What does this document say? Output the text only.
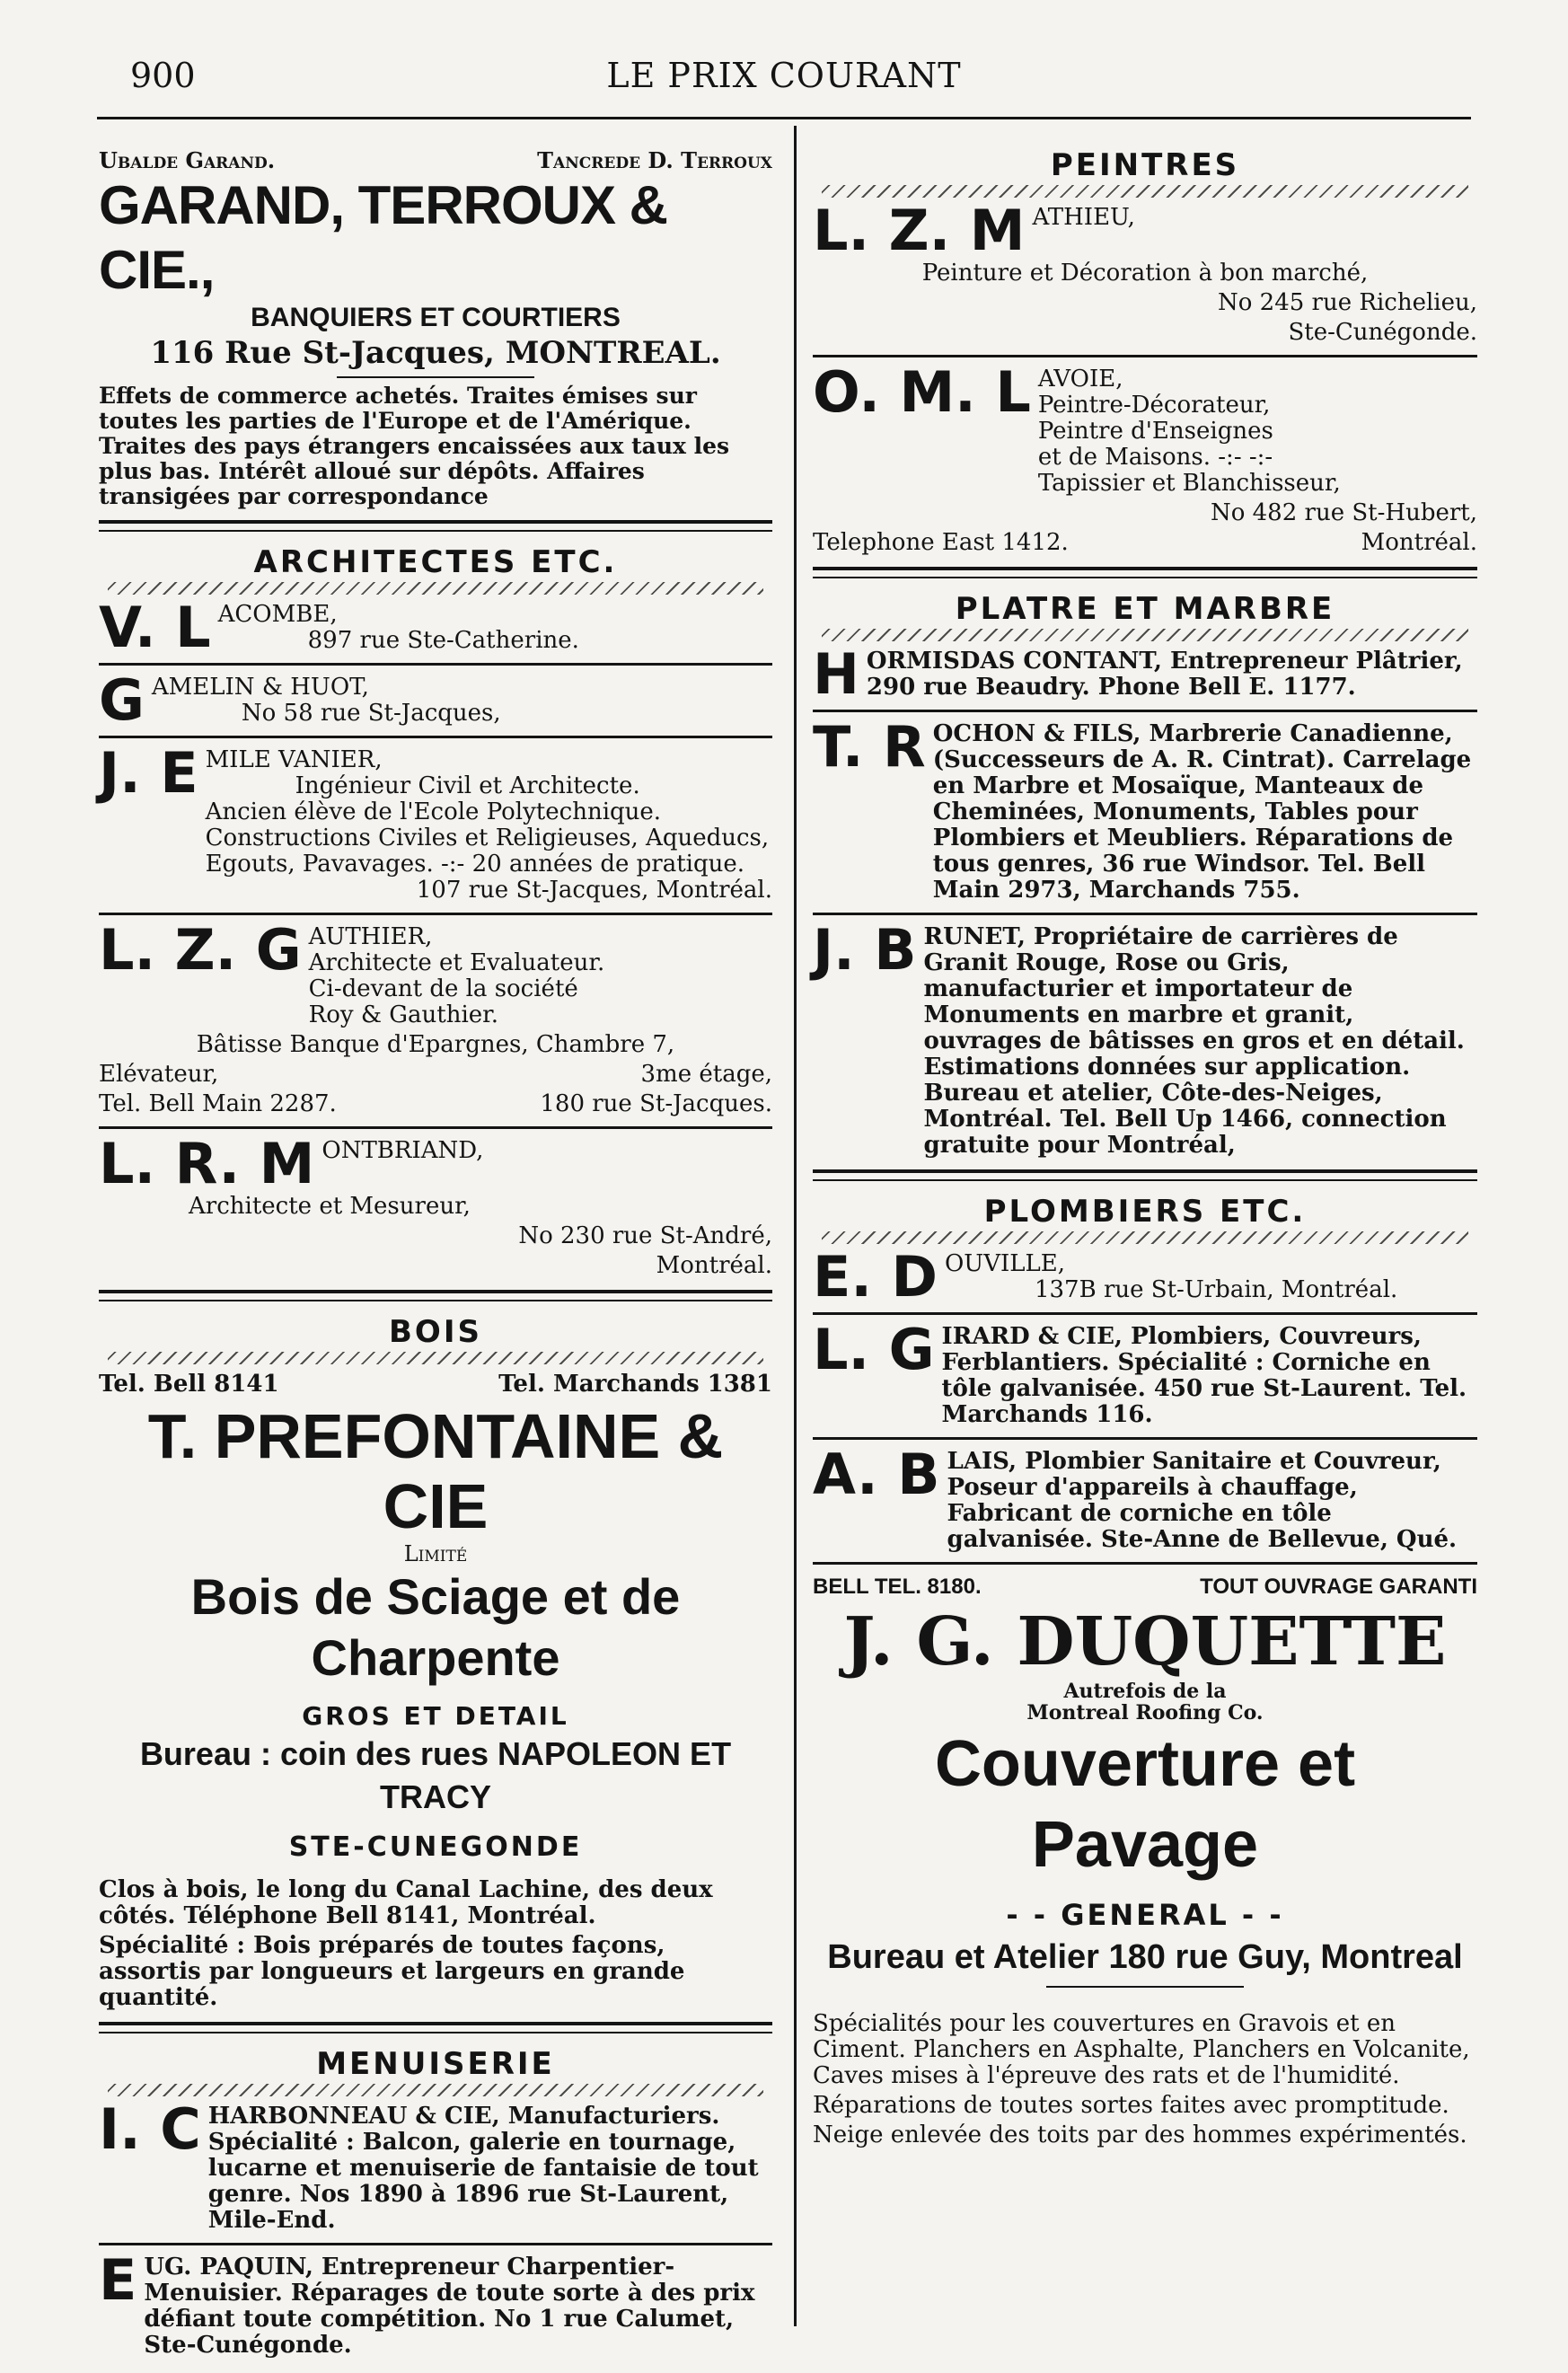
900	LE PRIX COURANT
Ubalde Garand.	Tancrede D. Terroux
GARAND, TERROUX & CIE.,
BANQUIERS ET COURTIERS
116 Rue St-Jacques, MONTREAL.

Effets de commerce achetés. Traites émises sur toutes les parties de l'Europe et de l'Amérique. Traites des pays étrangers encaissées aux taux les plus bas. Intérêt alloué sur dépôts. Affaires transigées par correspondance

ARCHITECTES ETC.
V. L ACOMBE,

897 rue Ste-Catherine.

G AMELIN & HUOT,

No 58 rue St-Jacques,

J. E MILE VANIER,

Ingénieur Civil et Architecte.

Ancien élève de l'Ecole Polytechnique. Constructions Civiles et Religieuses, Aqueducs, Egouts, Pavavages. -:- 20 années de pratique.

107 rue St-Jacques, Montréal.

L. Z. G AUTHIER,

Architecte et Evaluateur.

Ci-devant de la société

Roy & Gauthier.

Bâtisse Banque d'Epargnes, Chambre 7,

Elévateur,	3me étage,
Tel. Bell Main 2287.	180 rue St-Jacques.
L. R. M ONTBRIAND,

Architecte et Mesureur,

No 230 rue St-André,

Montréal.

BOIS
Tel. Bell 8141	Tel. Marchands 1381
T. PREFONTAINE & CIE
Limité
Bois de Sciage et de Charpente
GROS ET DETAIL
Bureau : coin des rues NAPOLEON ET TRACY
STE-CUNEGONDE

Clos à bois, le long du Canal Lachine, des deux côtés. Téléphone Bell 8141, Montréal.

Spécialité : Bois préparés de toutes façons, assortis par longueurs et largeurs en grande quantité.

MENUISERIE
I. C HARBONNEAU & CIE, Manufacturiers. Spécialité : Balcon, galerie en tournage, lucarne et menuiserie de fantaisie de tout genre. Nos 1890 à 1896 rue St-Laurent, Mile-End.

E UG. PAQUIN, Entrepreneur Charpentier-Menuisier. Réparages de toute sorte à des prix défiant toute compétition. No 1 rue Calumet, Ste-Cunégonde.

PEINTRES
L. Z. M ATHIEU,

Peinture et Décoration à bon marché,

No 245 rue Richelieu,

Ste-Cunégonde.

O. M. L AVOIE,

Peintre-Décorateur,

Peintre d'Enseignes

et de Maisons. -:- -:-

Tapissier et Blanchisseur,

No 482 rue St-Hubert,

Telephone East 1412.	Montréal.
PLATRE ET MARBRE
H ORMISDAS CONTANT, Entrepreneur Plâtrier, 290 rue Beaudry. Phone Bell E. 1177.

T. R OCHON & FILS, Marbrerie Canadienne, (Successeurs de A. R. Cintrat). Carrelage en Marbre et Mosaïque, Manteaux de Cheminées, Monuments, Tables pour Plombiers et Meubliers. Réparations de tous genres, 36 rue Windsor. Tel. Bell Main 2973, Marchands 755.

J. B RUNET, Propriétaire de carrières de Granit Rouge, Rose ou Gris, manufacturier et importateur de Monuments en marbre et granit, ouvrages de bâtisses en gros et en détail. Estimations données sur application. Bureau et atelier, Côte-des-Neiges, Montréal. Tel. Bell Up 1466, connection gratuite pour Montréal,

PLOMBIERS ETC.
E. D OUVILLE,

137B rue St-Urbain, Montréal.

L. G IRARD & CIE, Plombiers, Couvreurs, Ferblantiers. Spécialité : Corniche en tôle galvanisée. 450 rue St-Laurent. Tel. Marchands 116.

A. B LAIS, Plombier Sanitaire et Couvreur, Poseur d'appareils à chauffage, Fabricant de corniche en tôle galvanisée. Ste-Anne de Bellevue, Qué.

BELL TEL. 8180.	TOUT OUVRAGE GARANTI
J. G. DUQUETTE
Autrefois de la
Montreal Roofing Co.
Couverture et Pavage
- - GENERAL - -
Bureau et Atelier 180 rue Guy, Montreal

Spécialités pour les couvertures en Gravois et en Ciment. Planchers en Asphalte, Planchers en Volcanite, Caves mises à l'épreuve des rats et de l'humidité.

Réparations de toutes sortes faites avec promptitude.

Neige enlevée des toits par des hommes expérimentés.
